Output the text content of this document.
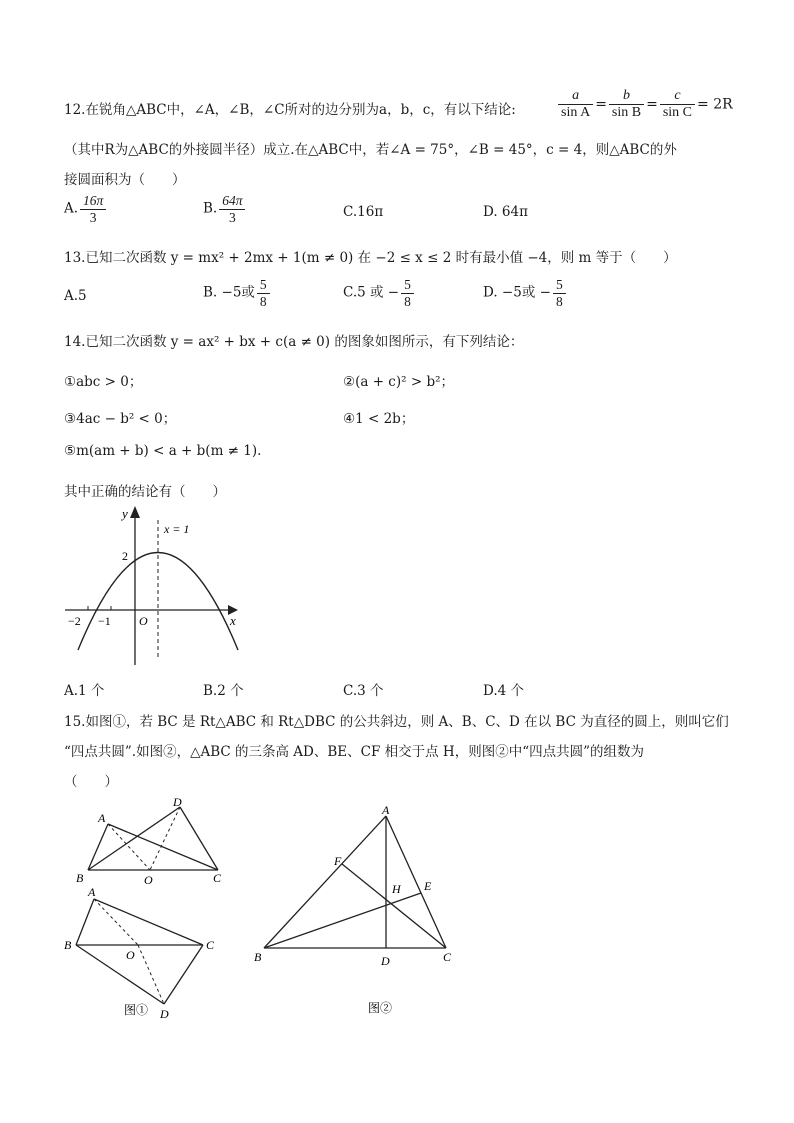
12.在锐角△ABC中，∠A，∠B，∠C所对的边分别为a，b，c，有以下结论:	$\frac{a}{\text{sin A}} = \frac{b}{\text{sin B}} = \frac{c}{\text{sin C}} = 2R$
（其中R为△ABC的外接圆半径）成立.在△ABC中，若∠A = 75°，∠B = 45°，c = 4，则△ABC的外
接圆面积为（　　）
A. $\frac{16\pi}{3}$	B. $\frac{64\pi}{3}$	C.16π	D. 64π
13.已知二次函数 y = mx² + 2mx + 1(m ≠ 0) 在 −2 ≤ x ≤ 2 时有最小值 −4，则 m 等于（　　）
A.5	B. −5或 $\frac{5}{8}$	C.5 或 − $\frac{5}{8}$	D. −5或 − $\frac{5}{8}$
14.已知二次函数 y = ax² + bx + c(a ≠ 0) 的图象如图所示，有下列结论：
①abc > 0；	②(a + c)² > b²；
③4ac − b² < 0；	④1 < 2b；
⑤m(am + b) < a + b(m ≠ 1).
其中正确的结论有（　　）
y
x
x = 1
2
−2 −1 O
A.1 个	B.2 个	C.3 个	D.4 个
15.如图①，若 BC 是 Rt△ABC 和 Rt△DBC 的公共斜边，则 A、B、C、D 在以 BC 为直径的圆上，则叫它们
“四点共圆”.如图②，△ABC 的三条高 AD、BE、CF 相交于点 H，则图②中“四点共圆”的组数为
（　　）
A
D
B	O	C
A
B
O
C
D
图①
A
F
H E
B	D	C
图②
